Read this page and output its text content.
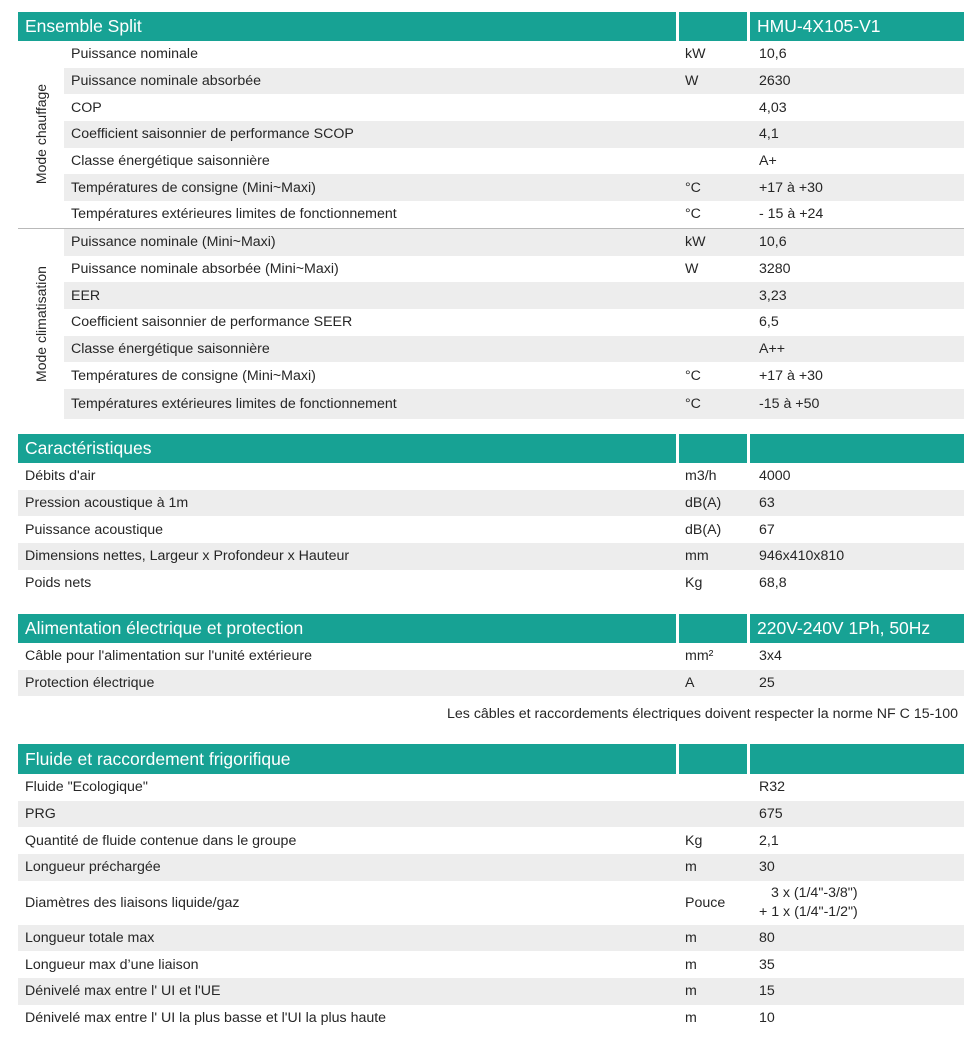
Ensemble Split	HMU-4X105-V1
Mode chauffage
Puissance nominale	kW	10,6
Puissance nominale absorbée	W	2630
COP	4,03
Coefficient saisonnier de performance SCOP	4,1
Classe énergétique saisonnière	A+
Températures de consigne (Mini~Maxi)	°C	+17 à +30
Températures extérieures limites de fonctionnement	°C	- 15 à +24
Mode climatisation
Puissance nominale (Mini~Maxi)	kW	10,6
Puissance nominale absorbée (Mini~Maxi)	W	3280
EER	3,23
Coefficient saisonnier de performance SEER	6,5
Classe énergétique saisonnière	A++
Températures de consigne (Mini~Maxi)	°C	+17 à +30
Températures extérieures limites de fonctionnement	°C	-15 à +50
Caractéristiques
Débits d'air	m3/h	4000
Pression acoustique à 1m	dB(A)	63
Puissance acoustique	dB(A)	67
Dimensions nettes, Largeur x Profondeur x Hauteur	mm	946x410x810
Poids nets	Kg	68,8
Alimentation électrique et protection	220V-240V 1Ph, 50Hz
Câble pour l'alimentation sur l'unité extérieure	mm²	3x4
Protection électrique	A	25
Les câbles et raccordements électriques doivent respecter la norme NF C 15-100
Fluide et raccordement frigorifique
Fluide "Ecologique"	R32
PRG	675
Quantité de fluide contenue dans le groupe	Kg	2,1
Longueur préchargée	m	30
Diamètres des liaisons liquide/gaz	Pouce
3 x (1/4"-3/8")
+ 1 x (1/4"-1/2")
Longueur totale max	m	80
Longueur max d’une liaison	m	35
Dénivelé max entre l' UI et l'UE	m	15
Dénivelé max entre l' UI la plus basse et l'UI la plus haute	m	10
